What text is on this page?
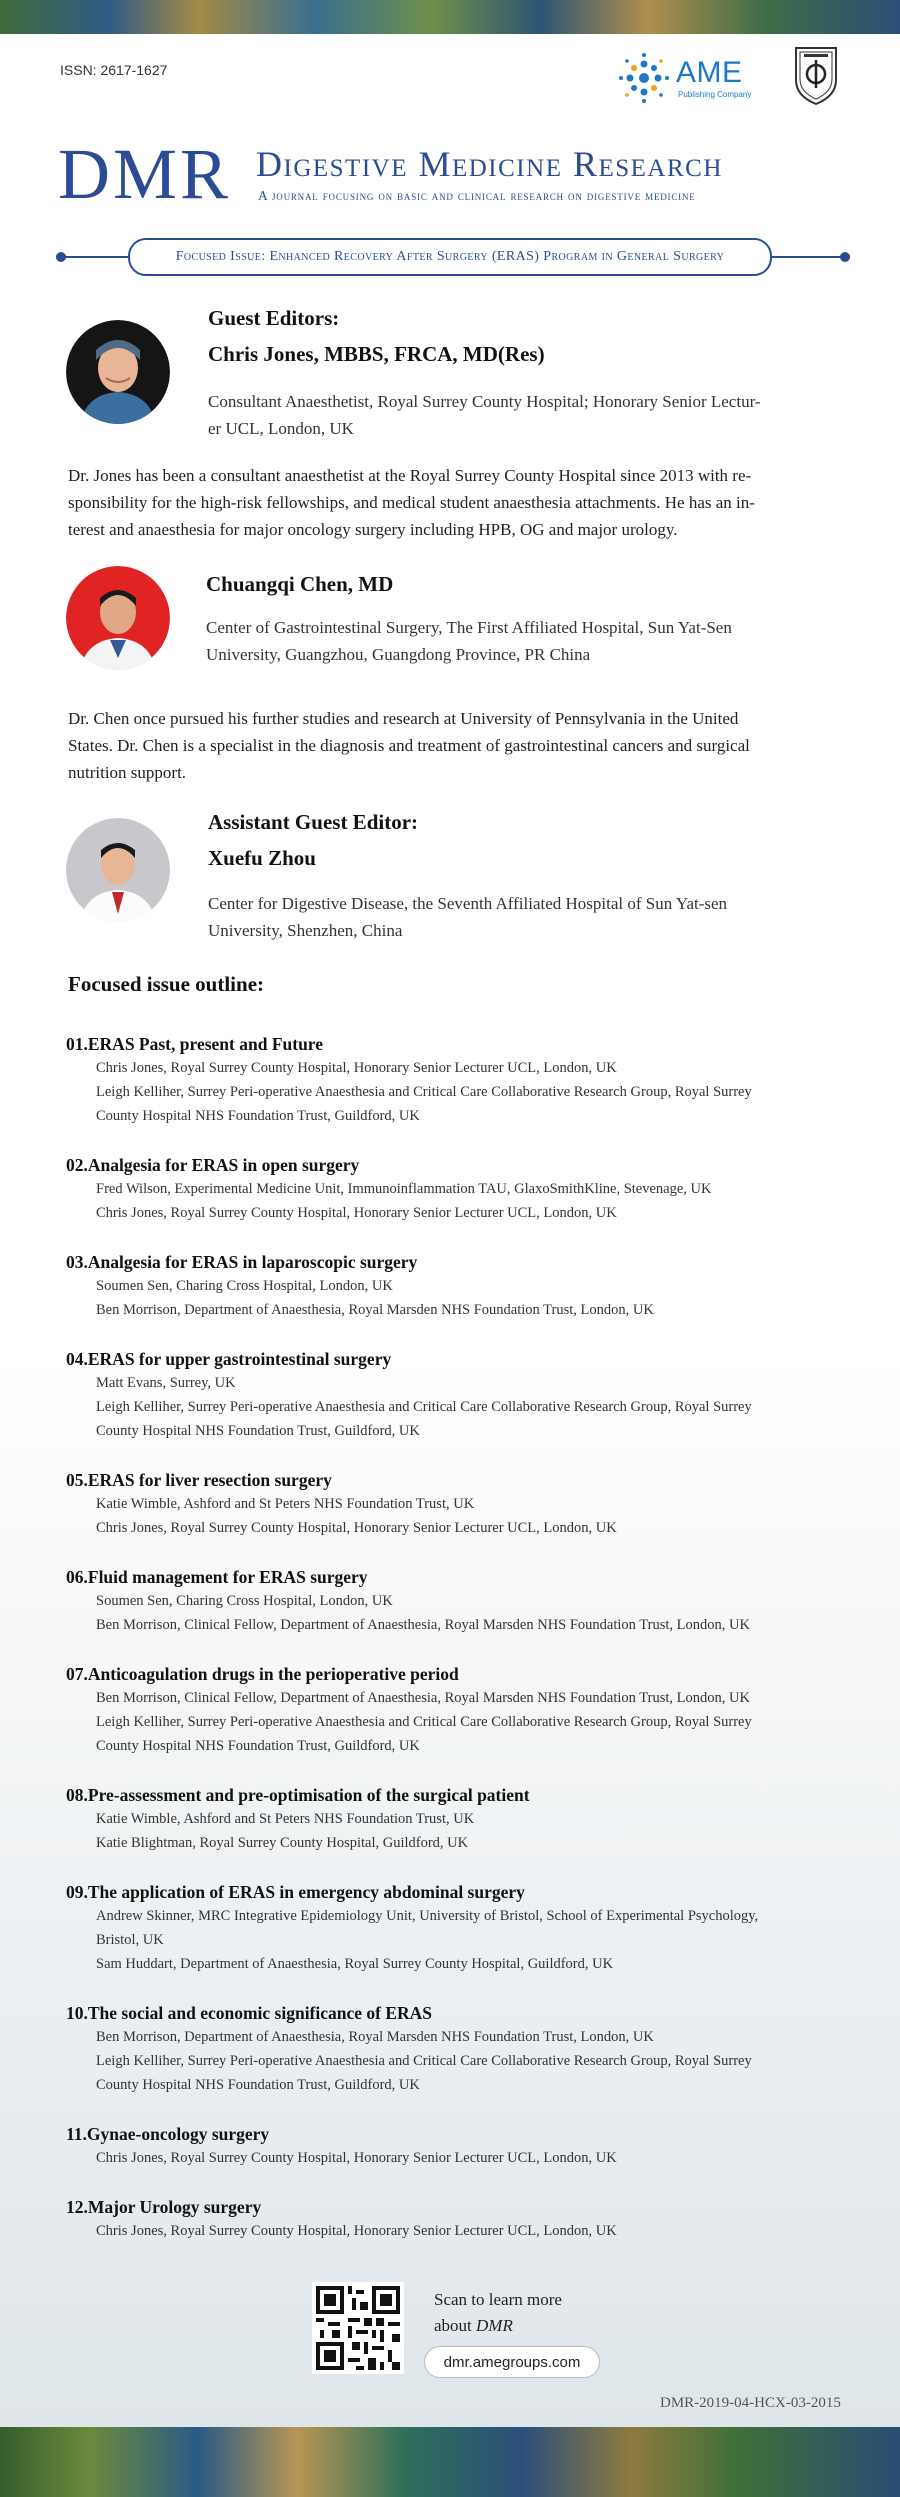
ISSN: 2617-1627	AME
Publishing Company
DMR Digestive Medicine Research
A journal focusing on basic and clinical research on digestive medicine
Focused Issue: Enhanced Recovery After Surgery (ERAS) Program in General Surgery
Guest Editors:
Chris Jones, MBBS, FRCA, MD(Res)
Consultant Anaesthetist, Royal Surrey County Hospital; Honorary Senior Lectur-
er UCL, London, UK
Dr. Jones has been a consultant anaesthetist at the Royal Surrey County Hospital since 2013 with re-
sponsibility for the high-risk fellowships, and medical student anaesthesia attachments. He has an in-
terest and anaesthesia for major oncology surgery including HPB, OG and major urology.
Chuangqi Chen, MD
Center of Gastrointestinal Surgery, The First Affiliated Hospital, Sun Yat-Sen
University, Guangzhou, Guangdong Province, PR China
Dr. Chen once pursued his further studies and research at University of Pennsylvania in the United
States. Dr. Chen is a specialist in the diagnosis and treatment of gastrointestinal cancers and surgical
nutrition support.
Assistant Guest Editor:
Xuefu Zhou
Center for Digestive Disease, the Seventh Affiliated Hospital of Sun Yat-sen
University, Shenzhen, China
Focused issue outline:
01.ERAS Past, present and Future
Chris Jones, Royal Surrey County Hospital, Honorary Senior Lecturer UCL, London, UK
Leigh Kelliher, Surrey Peri-operative Anaesthesia and Critical Care Collaborative Research Group, Royal Surrey
County Hospital NHS Foundation Trust, Guildford, UK
02.Analgesia for ERAS in open surgery
Fred Wilson, Experimental Medicine Unit, Immunoinflammation TAU, GlaxoSmithKline, Stevenage, UK
Chris Jones, Royal Surrey County Hospital, Honorary Senior Lecturer UCL, London, UK
03.Analgesia for ERAS in laparoscopic surgery
Soumen Sen, Charing Cross Hospital, London, UK
Ben Morrison, Department of Anaesthesia, Royal Marsden NHS Foundation Trust, London, UK
04.ERAS for upper gastrointestinal surgery
Matt Evans, Surrey, UK
Leigh Kelliher, Surrey Peri-operative Anaesthesia and Critical Care Collaborative Research Group, Royal Surrey
County Hospital NHS Foundation Trust, Guildford, UK
05.ERAS for liver resection surgery
Katie Wimble, Ashford and St Peters NHS Foundation Trust, UK
Chris Jones, Royal Surrey County Hospital, Honorary Senior Lecturer UCL, London, UK
06.Fluid management for ERAS surgery
Soumen Sen, Charing Cross Hospital, London, UK
Ben Morrison, Clinical Fellow, Department of Anaesthesia, Royal Marsden NHS Foundation Trust, London, UK
07.Anticoagulation drugs in the perioperative period
Ben Morrison, Clinical Fellow, Department of Anaesthesia, Royal Marsden NHS Foundation Trust, London, UK
Leigh Kelliher, Surrey Peri-operative Anaesthesia and Critical Care Collaborative Research Group, Royal Surrey
County Hospital NHS Foundation Trust, Guildford, UK
08.Pre-assessment and pre-optimisation of the surgical patient
Katie Wimble, Ashford and St Peters NHS Foundation Trust, UK
Katie Blightman, Royal Surrey County Hospital, Guildford, UK
09.The application of ERAS in emergency abdominal surgery
Andrew Skinner, MRC Integrative Epidemiology Unit, University of Bristol, School of Experimental Psychology,
Bristol, UK
Sam Huddart, Department of Anaesthesia, Royal Surrey County Hospital, Guildford, UK
10.The social and economic significance of ERAS
Ben Morrison, Department of Anaesthesia, Royal Marsden NHS Foundation Trust, London, UK
Leigh Kelliher, Surrey Peri-operative Anaesthesia and Critical Care Collaborative Research Group, Royal Surrey
County Hospital NHS Foundation Trust, Guildford, UK
11.Gynae-oncology surgery
Chris Jones, Royal Surrey County Hospital, Honorary Senior Lecturer UCL, London, UK
12.Major Urology surgery
Chris Jones, Royal Surrey County Hospital, Honorary Senior Lecturer UCL, London, UK
Scan to learn more
about DMR
dmr.amegroups.com
DMR-2019-04-HCX-03-2015
